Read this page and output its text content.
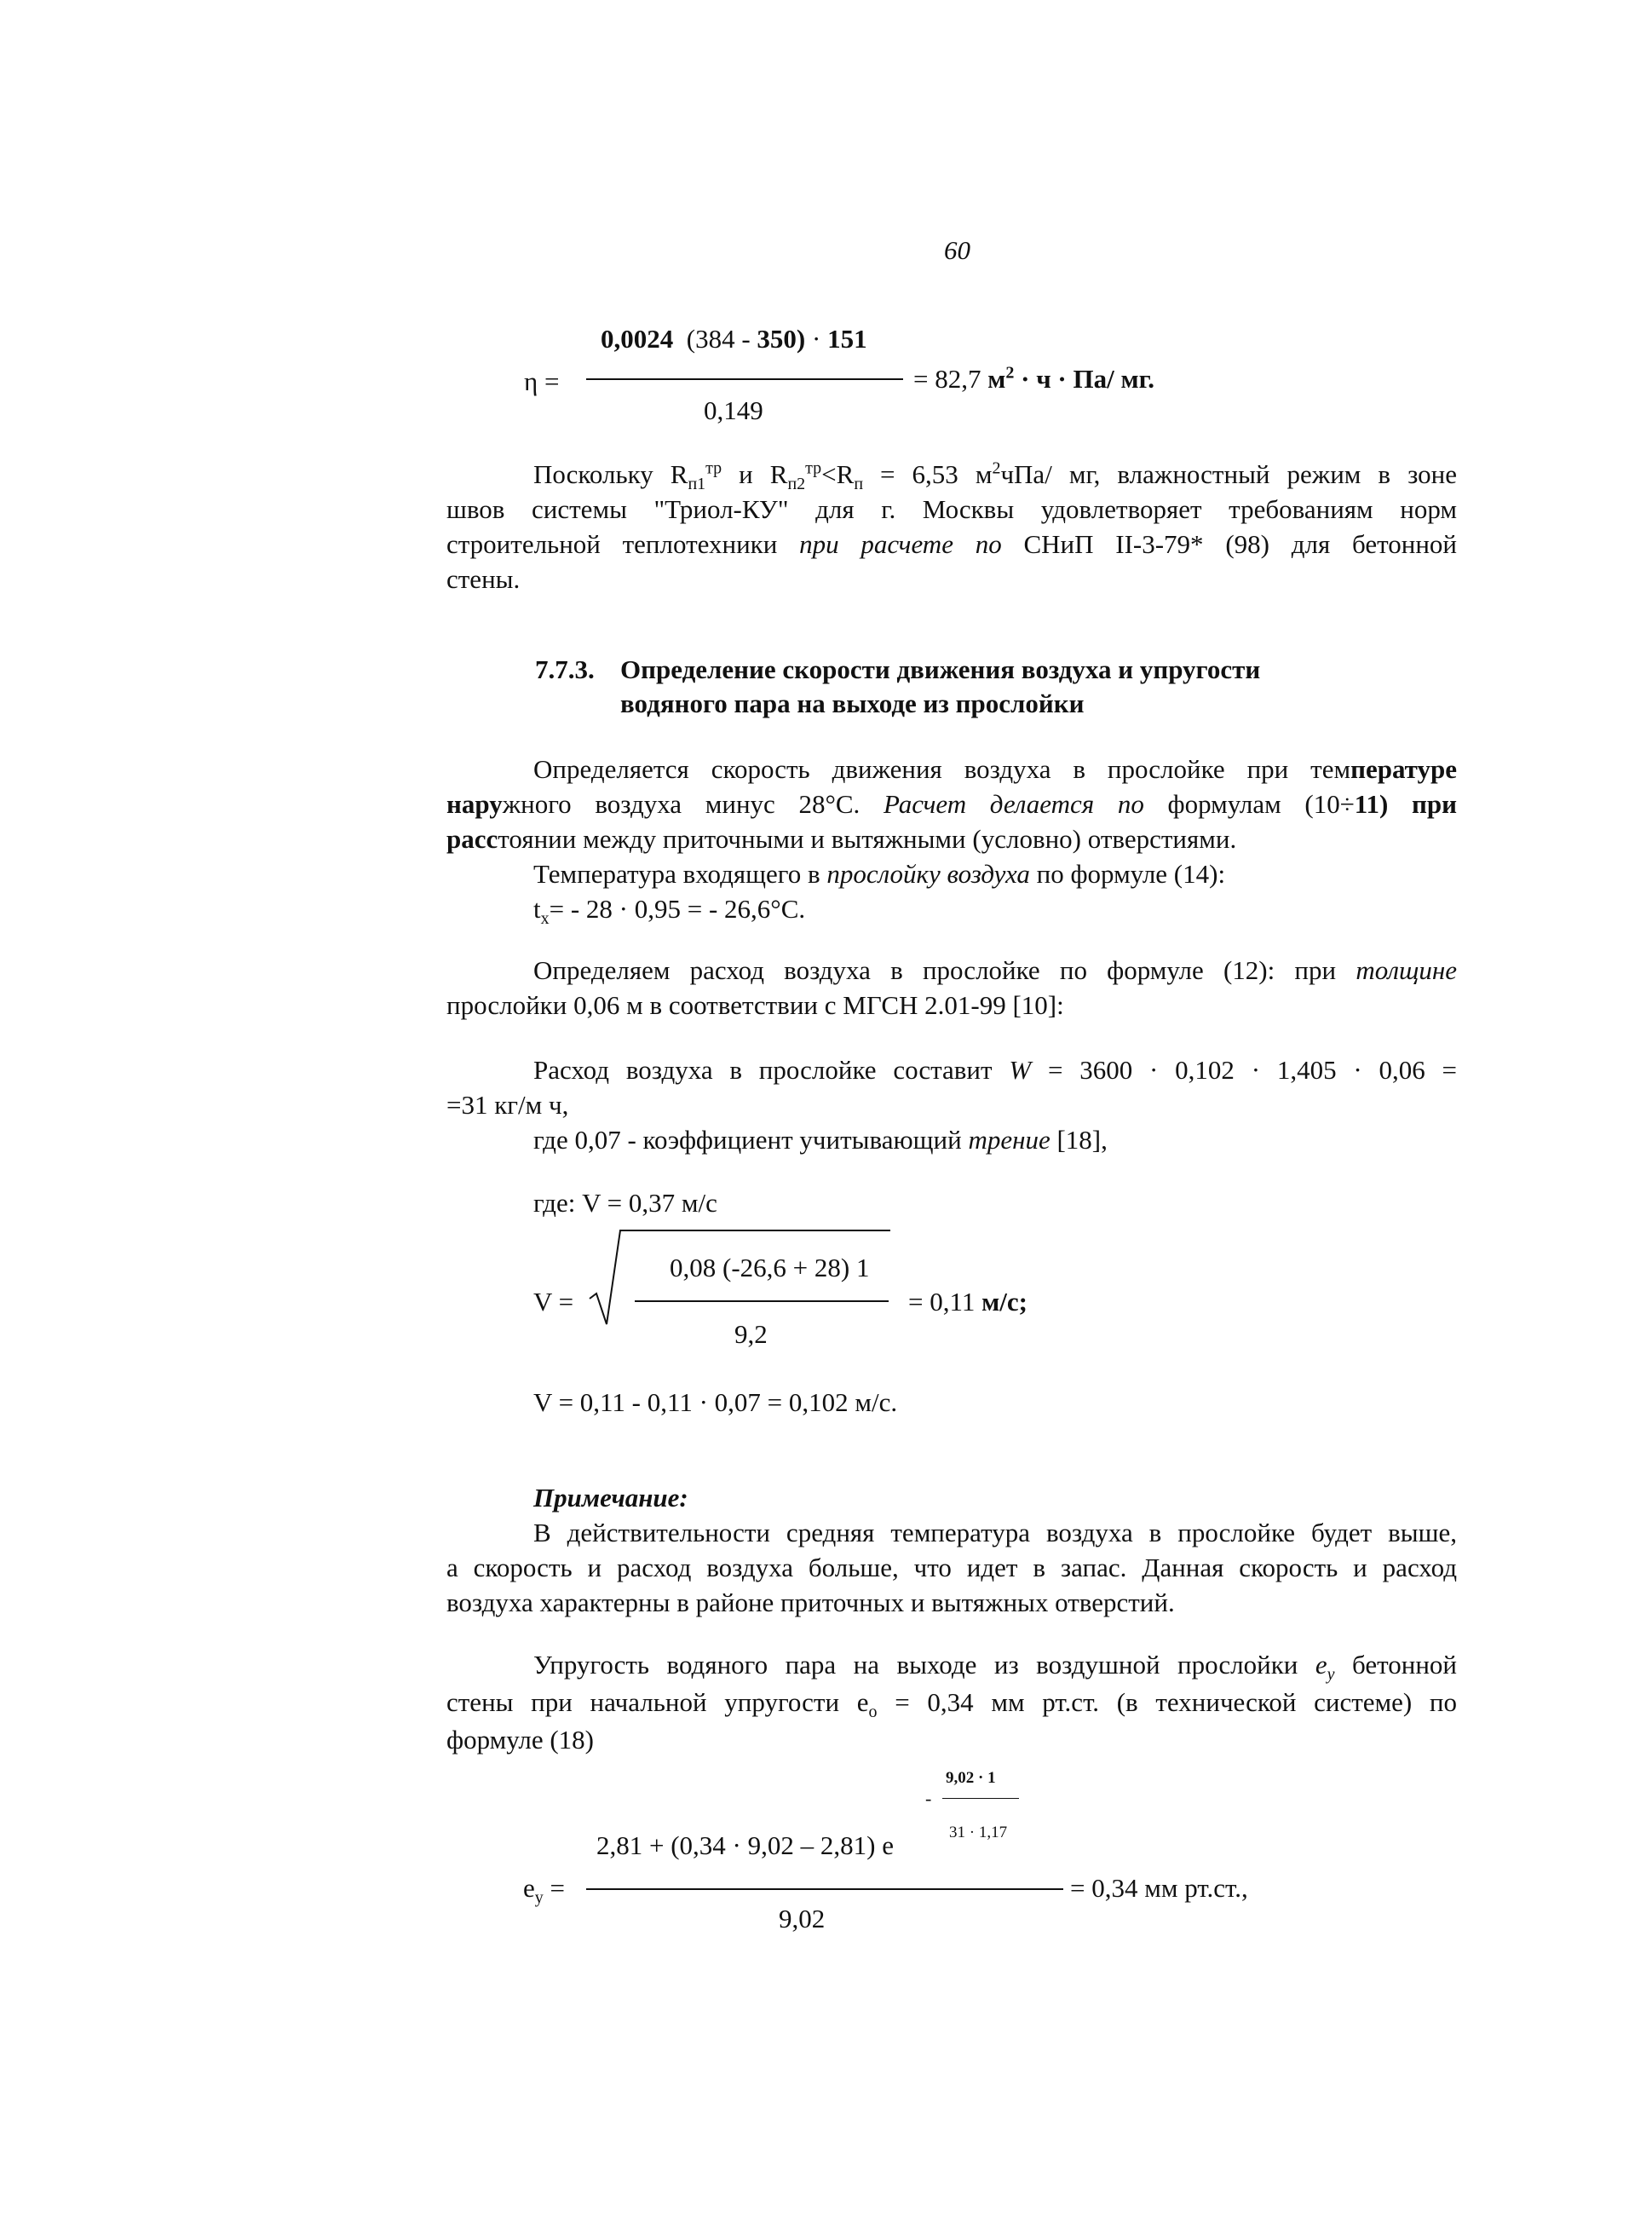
60
0,0024  (384 - 350) · 151
η =	= 82,7 $м^2 \cdot ч \cdot Па/$ мг.
0,149
Поскольку $R_{п1}^{тр}$ и $R_{п2}^{тр}<R_п = 6,53$ $м^2чПа/$ мг, влажностный режим в зоне
швов системы "Триол-КУ" для г. Москвы удовлетворяет требованиям норм
строительной теплотехники при расчете по СНиП II-3-79* (98) для бетонной
стены.
7.7.3. Определение скорости движения воздуха и упругости
водяного пара на выходе из прослойки
Определяется скорость движения воздуха в прослойке при температуре
наружного воздуха минус 28°С. Расчет делается по формулам (10÷11) при
расстоянии между приточными и вытяжными (условно) отверстиями.
Температура входящего в прослойку воздуха по формуле (14):
$t_x= - 28 \cdot 0,95$ = - 26,6°С.
Определяем расход воздуха в прослойке по формуле (12): при толщине
прослойки 0,06 м в соответствии с МГСН 2.01-99 [10]:
Расход воздуха в прослойке составит W = 3600 · 0,102 · 1,405 · 0,06 =
=31 кг/м ч,
где 0,07 - коэффициент учитывающий трение [18],
где: V = 0,37 м/с
0,08 (-26,6 + 28) 1
V =	= 0,11 м/с;
9,2
V = 0,11 - 0,11 · 0,07 = 0,102 м/с.
Примечание:
В действительности средняя температура воздуха в прослойке будет выше,
а скорость и расход воздуха больше, что идет в запас. Данная скорость и расход
воздуха характерны в районе приточных и вытяжных отверстий.
Упругость водяного пара на выходе из воздушной прослойки $e_y$ бетонной
стены при начальной упругости $e_o = 0,34$ мм рт.ст. (в технической системе) по
формуле (18)
9,02 · 1
-
31 · 1,17
2,81 + (0,34 · 9,02 – 2,81) e
$e_y$ =	= 0,34 мм рт.ст.,
9,02
